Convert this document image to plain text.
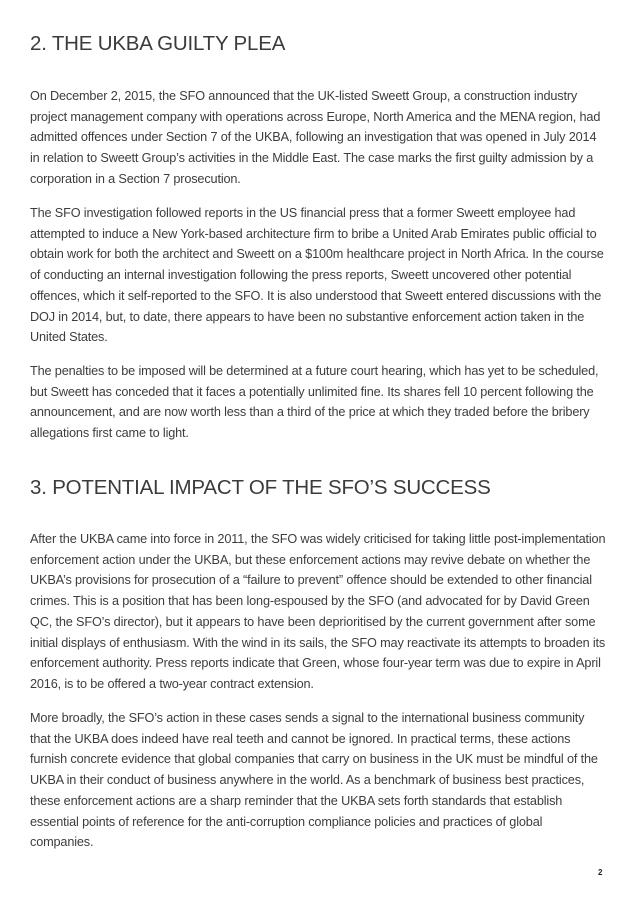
2. THE UKBA GUILTY PLEA

On December 2, 2015, the SFO announced that the UK-listed Sweett Group, a construction industry project management company with operations across Europe, North America and the MENA region, had admitted offences under Section 7 of the UKBA, following an investigation that was opened in July 2014 in relation to Sweett Group’s activities in the Middle East. The case marks the first guilty admission by a corporation in a Section 7 prosecution.

The SFO investigation followed reports in the US financial press that a former Sweett employee had attempted to induce a New York-based architecture firm to bribe a United Arab Emirates public official to obtain work for both the architect and Sweett on a $100m healthcare project in North Africa. In the course of conducting an internal investigation following the press reports, Sweett uncovered other potential offences, which it self-reported to the SFO. It is also understood that Sweett entered discussions with the DOJ in 2014, but, to date, there appears to have been no substantive enforcement action taken in the United States.

The penalties to be imposed will be determined at a future court hearing, which has yet to be scheduled, but Sweett has conceded that it faces a potentially unlimited fine. Its shares fell 10 percent following the announcement, and are now worth less than a third of the price at which they traded before the bribery allegations first came to light.

3. POTENTIAL IMPACT OF THE SFO’S SUCCESS

After the UKBA came into force in 2011, the SFO was widely criticised for taking little post-implementation enforcement action under the UKBA, but these enforcement actions may revive debate on whether the UKBA’s provisions for prosecution of a “failure to prevent” offence should be extended to other financial crimes. This is a position that has been long-espoused by the SFO (and advocated for by David Green QC, the SFO’s director), but it appears to have been deprioritised by the current government after some initial displays of enthusiasm. With the wind in its sails, the SFO may reactivate its attempts to broaden its enforcement authority. Press reports indicate that Green, whose four-year term was due to expire in April 2016, is to be offered a two-year contract extension.

More broadly, the SFO’s action in these cases sends a signal to the international business community that the UKBA does indeed have real teeth and cannot be ignored. In practical terms, these actions furnish concrete evidence that global companies that carry on business in the UK must be mindful of the UKBA in their conduct of business anywhere in the world. As a benchmark of business best practices, these enforcement actions are a sharp reminder that the UKBA sets forth standards that establish essential points of reference for the anti-corruption compliance policies and practices of global companies.

2
